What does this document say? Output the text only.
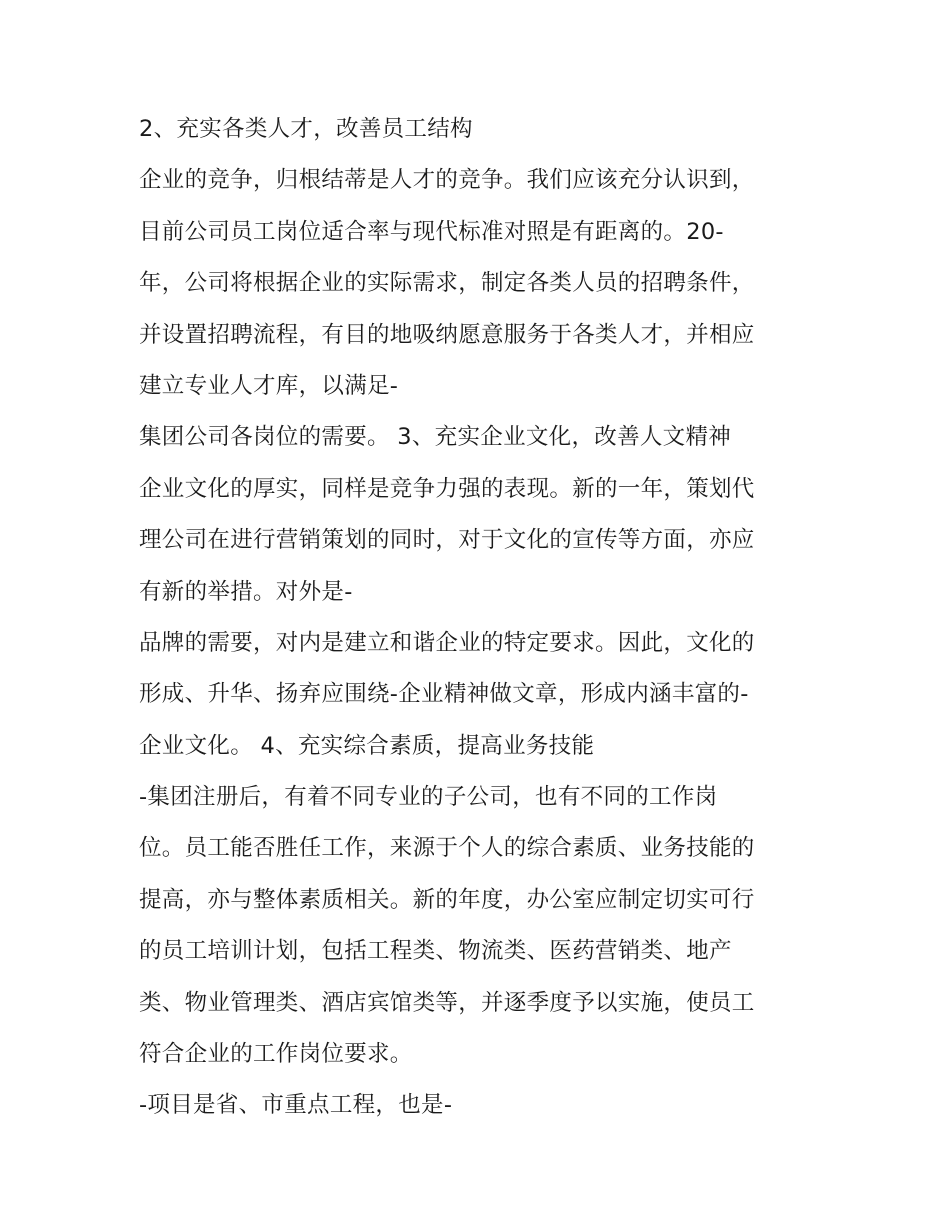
2、充实各类人才，改善员工结构
企业的竞争，归根结蒂是人才的竞争。我们应该充分认识到，
目前公司员工岗位适合率与现代标准对照是有距离的。20-
年，公司将根据企业的实际需求，制定各类人员的招聘条件，
并设置招聘流程，有目的地吸纳愿意服务于各类人才，并相应
建立专业人才库，以满足-
集团公司各岗位的需要。 3、充实企业文化，改善人文精神
企业文化的厚实，同样是竞争力强的表现。新的一年，策划代
理公司在进行营销策划的同时，对于文化的宣传等方面，亦应
有新的举措。对外是-
品牌的需要，对内是建立和谐企业的特定要求。因此，文化的
形成、升华、扬弃应围绕-企业精神做文章，形成内涵丰富的-
企业文化。 4、充实综合素质，提高业务技能
-集团注册后，有着不同专业的子公司，也有不同的工作岗
位。员工能否胜任工作，来源于个人的综合素质、业务技能的
提高，亦与整体素质相关。新的年度，办公室应制定切实可行
的员工培训计划，包括工程类、物流类、医药营销类、地产
类、物业管理类、酒店宾馆类等，并逐季度予以实施，使员工
符合企业的工作岗位要求。
-项目是省、市重点工程，也是-
